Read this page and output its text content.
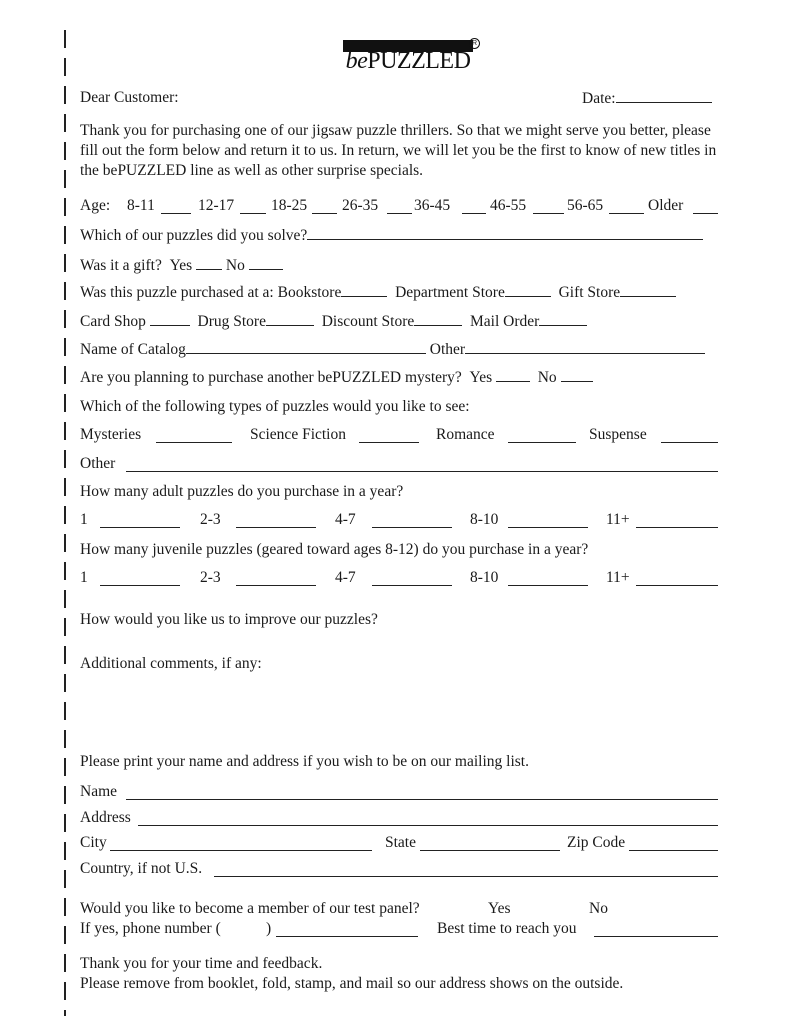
bePUZZLED
R
Dear Customer:	Date:
Thank you for purchasing one of our jigsaw puzzle thrillers. So that we might serve you better, please fill out the form below and return it to us. In return, we will let you be the first to know of new titles in the bePUZZLED line as well as other surprise specials.
Age: 8-11	12-17 18-25 26-35 36-45	46-55	56-65	Older
Which of our puzzles did you solve?
Was it a gift? Yes No
Was this puzzle purchased at a: Bookstore	Department Store	Gift Store
Card Shop	Drug Store	Discount Store	Mail Order
Name of Catalog	Other
Are you planning to purchase another bePUZZLED mystery? Yes	No
Which of the following types of puzzles would you like to see:
Mysteries	Science Fiction	Romance	Suspense
Other
How many adult puzzles do you purchase in a year?
1	2-3	4-7	8-10	11+
How many juvenile puzzles (geared toward ages 8-12) do you purchase in a year?
1	2-3	4-7	8-10	11+
How would you like us to improve our puzzles?
Additional comments, if any:
Please print your name and address if you wish to be on our mailing list.
Name
Address
City	State	Zip Code
Country, if not U.S.
Would you like to become a member of our test panel?	Yes	No
If yes, phone number (	)	Best time to reach you
Thank you for your time and feedback.
Please remove from booklet, fold, stamp, and mail so our address shows on the outside.
